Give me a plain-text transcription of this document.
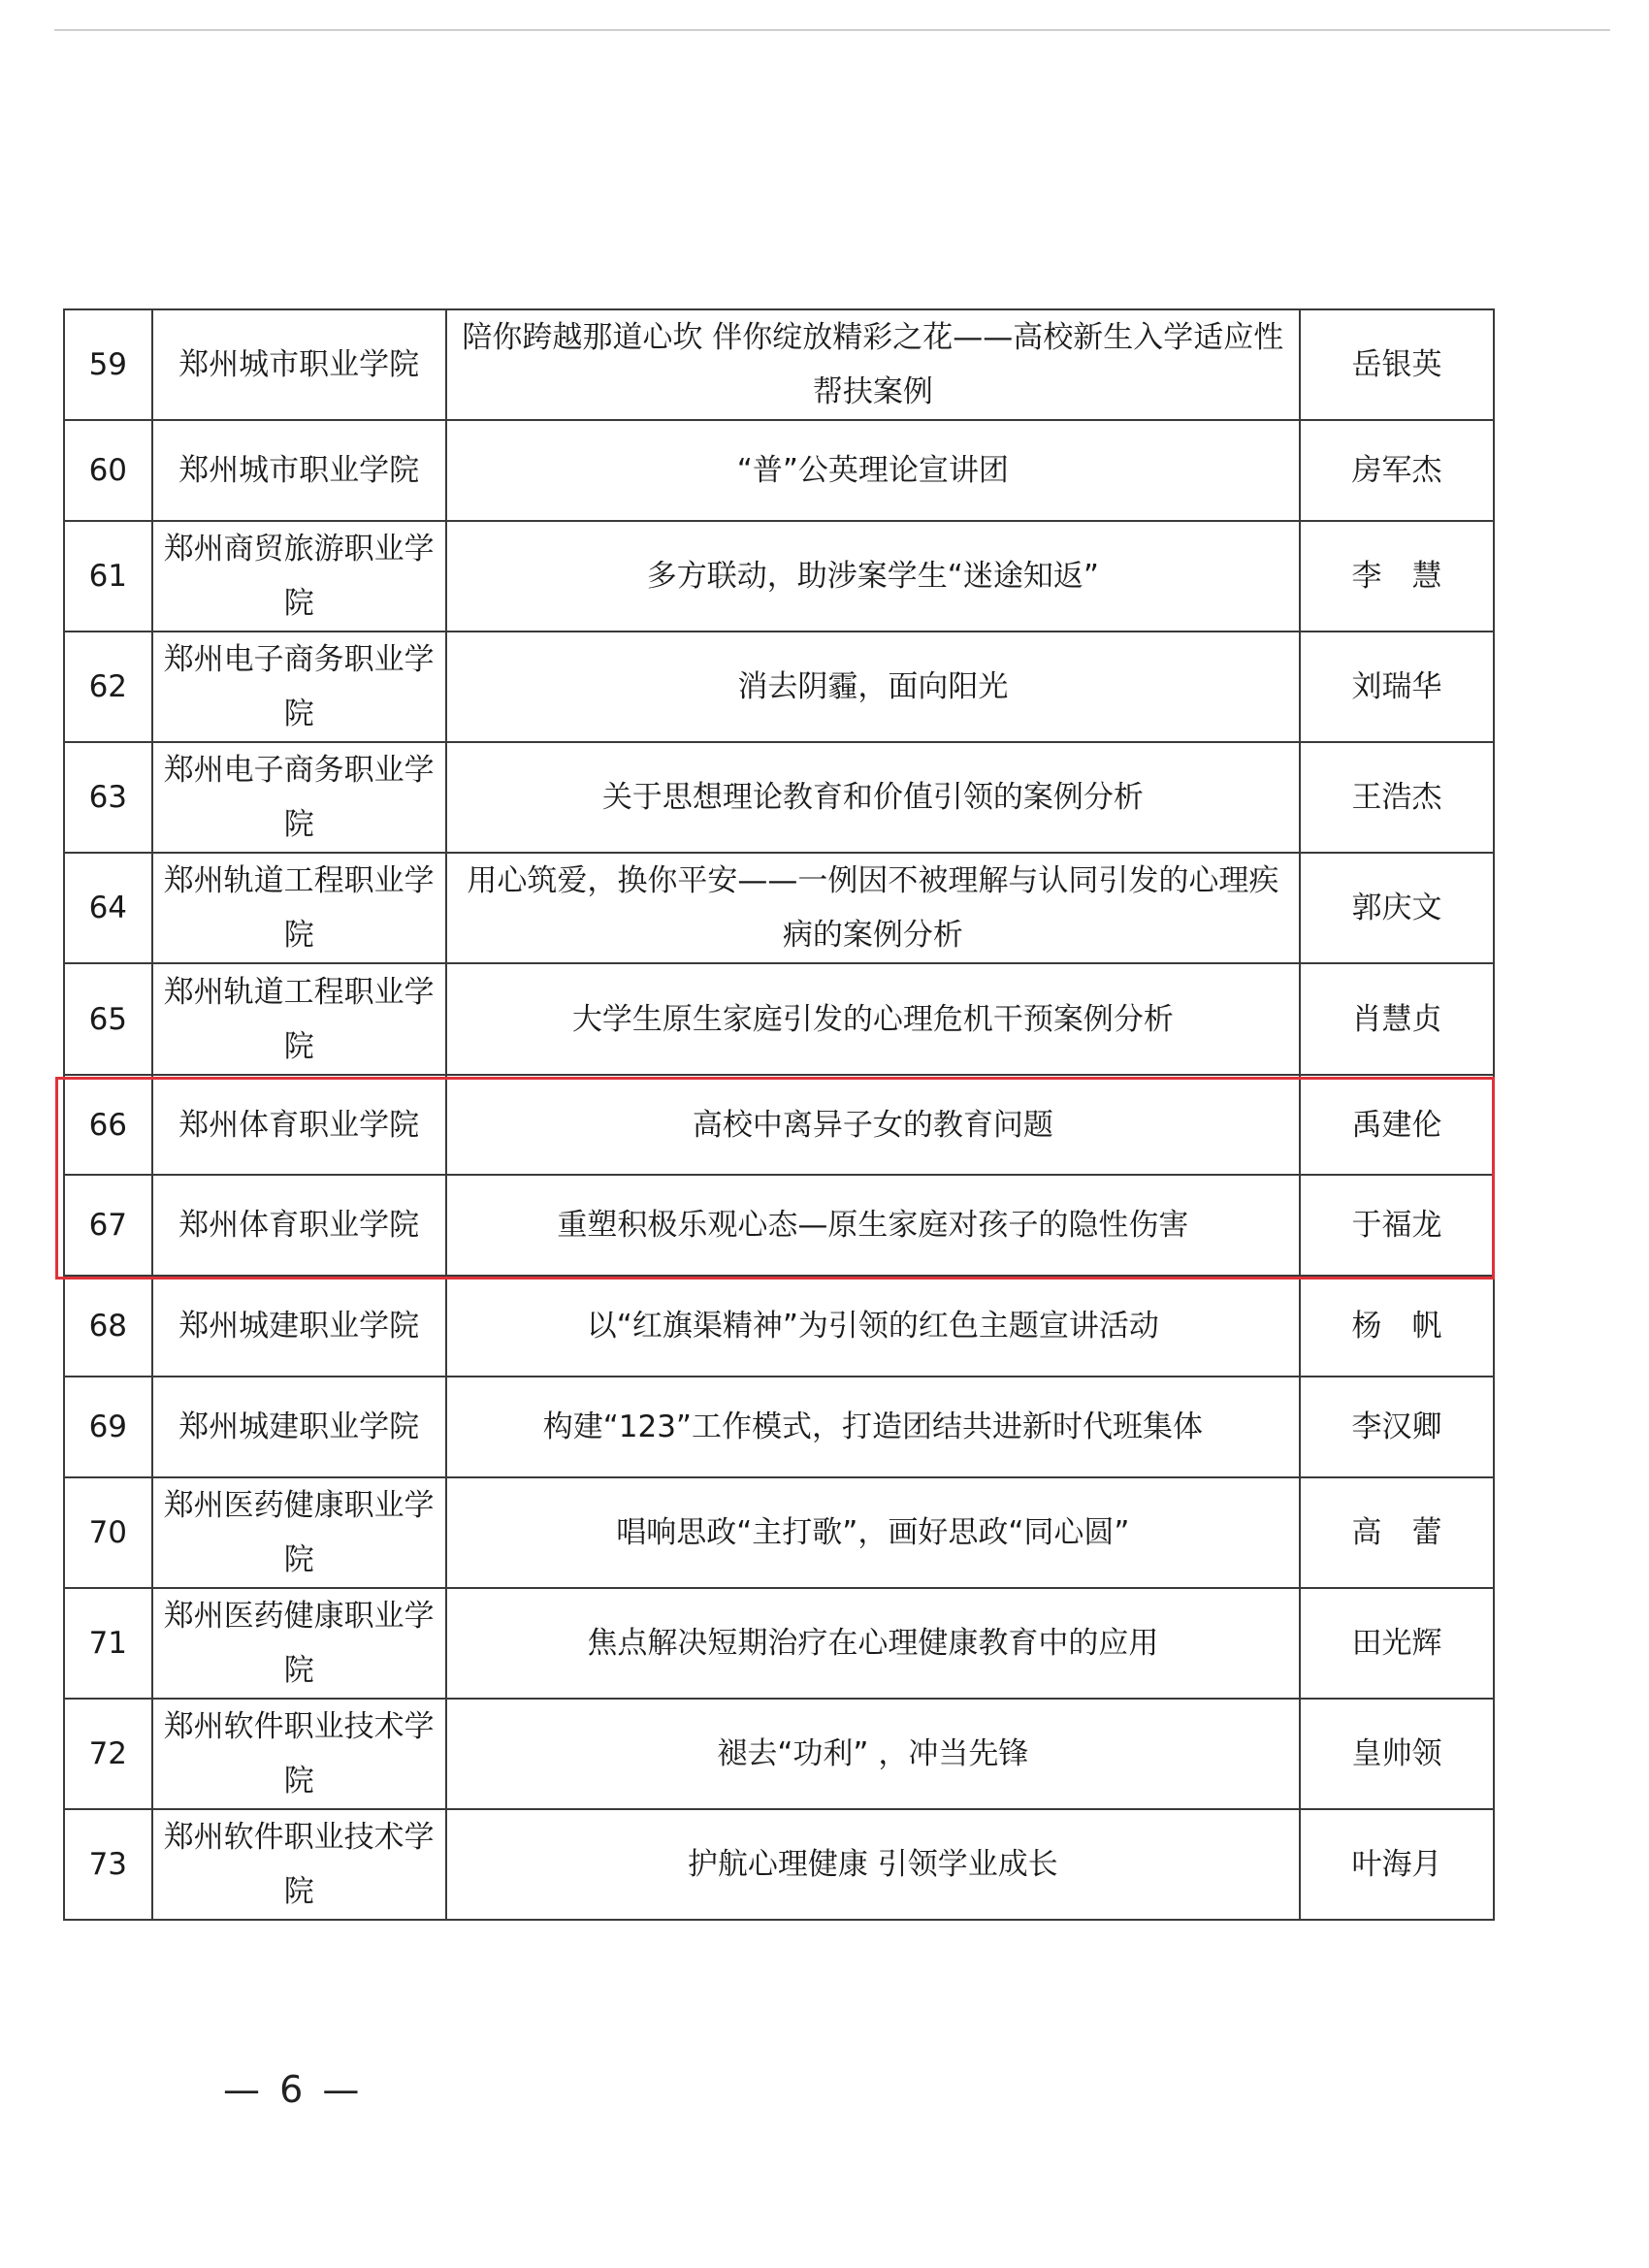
59	郑州城市职业学院	陪你跨越那道心坎 伴你绽放精彩之花——高校新生入学适应性帮扶案例	岳银英
60	郑州城市职业学院	“普”公英理论宣讲团	房军杰
61	郑州商贸旅游职业学院	多方联动，助涉案学生“迷途知返”	李　慧
62	郑州电子商务职业学院	消去阴霾，面向阳光	刘瑞华
63	郑州电子商务职业学院	关于思想理论教育和价值引领的案例分析	王浩杰
64	郑州轨道工程职业学院	用心筑爱，换你平安——一例因不被理解与认同引发的心理疾病的案例分析	郭庆文
65	郑州轨道工程职业学院	大学生原生家庭引发的心理危机干预案例分析	肖慧贞
66	郑州体育职业学院	高校中离异子女的教育问题	禹建伦
67	郑州体育职业学院	重塑积极乐观心态—原生家庭对孩子的隐性伤害	于福龙
68	郑州城建职业学院	以“红旗渠精神”为引领的红色主题宣讲活动	杨　帆
69	郑州城建职业学院	构建“123”工作模式，打造团结共进新时代班集体	李汉卿
70	郑州医药健康职业学院	唱响思政“主打歌”，画好思政“同心圆”	高　蕾
71	郑州医药健康职业学院	焦点解决短期治疗在心理健康教育中的应用	田光辉
72	郑州软件职业技术学院	褪去“功利” ，冲当先锋	皇帅领
73	郑州软件职业技术学院	护航心理健康 引领学业成长	叶海月
— 6 —
